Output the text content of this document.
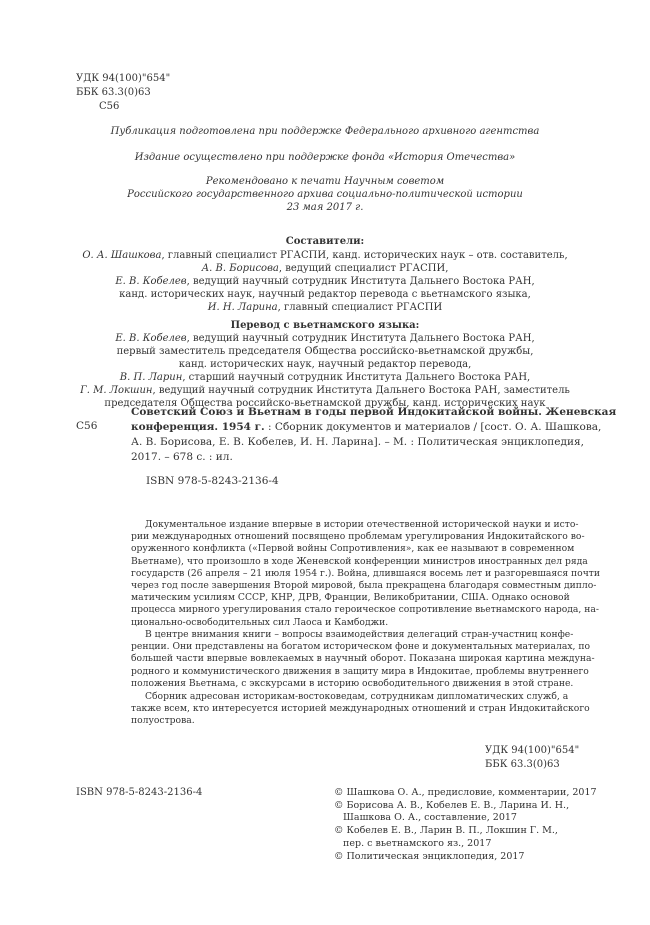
УДК 94(100)"654"
ББК 63.3(0)63
С56
Публикация подготовлена при поддержке Федерального архивного агентства
Издание осуществлено при поддержке фонда «История Отечества»
Рекомендовано к печати Научным советом
Российского государственного архива социально-политической истории
23 мая 2017 г.
Составители:
О. А. Шашкова, главный специалист РГАСПИ, канд. исторических наук – отв. составитель,
А. В. Борисова, ведущий специалист РГАСПИ,
Е. В. Кобелев, ведущий научный сотрудник Института Дальнего Востока РАН,
канд. исторических наук, научный редактор перевода с вьетнамского языка,
И. Н. Ларина, главный специалист РГАСПИ
Перевод с вьетнамского языка:
Е. В. Кобелев, ведущий научный сотрудник Института Дальнего Востока РАН,
первый заместитель председателя Общества российско-вьетнамской дружбы,
канд. исторических наук, научный редактор перевода,
В. П. Ларин, старший научный сотрудник Института Дальнего Востока РАН,
Г. М. Локшин, ведущий научный сотрудник Института Дальнего Востока РАН, заместитель
председателя Общества российско-вьетнамской дружбы, канд. исторических наук
С56
Советский Союз и Вьетнам в годы первой Индокитайской войны. Женевская
конференция. 1954 г. : Сборник документов и материалов / [сост. О. А. Шашкова,
А. В. Борисова, Е. В. Кобелев, И. Н. Ларина]. – М. : Политическая энциклопедия,
2017. – 678 с. : ил.
ISBN 978-5-8243-2136-4
Документальное издание впервые в истории отечественной исторической науки и исто-
рии международных отношений посвящено проблемам урегулирования Индокитайского во-
оруженного конфликта («Первой войны Сопротивления», как ее называют в современном
Вьетнаме), что произошло в ходе Женевской конференции министров иностранных дел ряда
государств (26 апреля – 21 июля 1954 г.). Война, длившаяся восемь лет и разгоревшаяся почти
через год после завершения Второй мировой, была прекращена благодаря совместным дипло-
матическим усилиям СССР, КНР, ДРВ, Франции, Великобритании, США. Однако основой
процесса мирного урегулирования стало героическое сопротивление вьетнамского народа, на-
ционально-освободительных сил Лаоса и Камбоджи.
В центре внимания книги – вопросы взаимодействия делегаций стран-участниц конфе-
ренции. Они представлены на богатом историческом фоне и документальных материалах, по
большей части впервые вовлекаемых в научный оборот. Показана широкая картина междуна-
родного и коммунистического движения в защиту мира в Индокитае, проблемы внутреннего
положения Вьетнама, с экскурсами в историю освободительного движения в этой стране.
Сборник адресован историкам-востоковедам, сотрудникам дипломатических служб, а
также всем, кто интересуется историей международных отношений и стран Индокитайского
полуострова.
УДК 94(100)"654"
ББК 63.3(0)63
ISBN 978-5-8243-2136-4	© Шашкова О. А., предисловие, комментарии, 2017
© Борисова А. В., Кобелев Е. В., Ларина И. Н.,
Шашкова О. А., составление, 2017
© Кобелев Е. В., Ларин В. П., Локшин Г. М.,
пер. с вьетнамского яз., 2017
© Политическая энциклопедия, 2017
